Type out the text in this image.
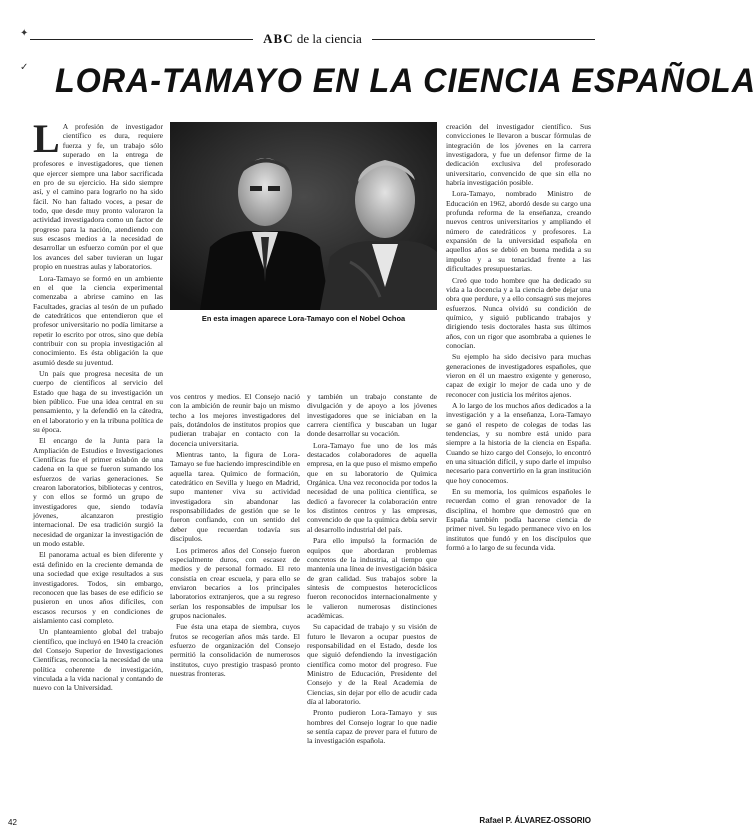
✦
✓
ABC de la ciencia
LORA-TAMAYO EN LA CIENCIA ESPAÑOLA

L A profesión de investigador científico es dura, requiere fuerza y fe, un trabajo sólo superado en la entrega de profesores e investigadores, que tienen que ejercer siempre una labor sacrificada en pro de su ejercicio. Ha sido siempre así, y el camino para lograrlo no ha sido fácil. No han faltado voces, a pesar de todo, que desde muy pronto valoraron la actividad investigadora como un factor de progreso para la nación, atendiendo con sus escasos medios a la necesidad de desarrollar un esfuerzo común por el que los avances del saber tuvieran un lugar propio en nuestras aulas y laboratorios.

Lora-Tamayo se formó en un ambiente en el que la ciencia experimental comenzaba a abrirse camino en las Facultades, gracias al tesón de un puñado de catedráticos que entendieron que el profesor universitario no podía limitarse a repetir lo escrito por otros, sino que debía contribuir con su propia investigación al conocimiento. Es ésta obligación la que asumió desde su juventud.

Un país que progresa necesita de un cuerpo de científicos al servicio del Estado que haga de su investigación un bien público. Fue una idea central en su pensamiento, y la defendió en la cátedra, en el laboratorio y en la tribuna política de su época.

El encargo de la Junta para la Ampliación de Estudios e Investigaciones Científicas fue el primer eslabón de una cadena en la que se fueron sumando los esfuerzos de varias generaciones. Se crearon laboratorios, bibliotecas y centros, y con ellos se formó un grupo de investigadores que, siendo todavía jóvenes, alcanzaron prestigio internacional. De esa tradición surgió la necesidad de organizar la investigación de un modo estable.

El panorama actual es bien diferente y está definido en la creciente demanda de una sociedad que exige resultados a sus investigadores. Todos, sin embargo, reconocen que las bases de ese edificio se pusieron en unos años difíciles, con escasos recursos y en condiciones de aislamiento casi completo.

Un planteamiento global del trabajo científico, que incluyó en 1940 la creación del Consejo Superior de Investigaciones Científicas, reconocía la necesidad de una política coherente de investigación, vinculada a la vida nacional y contando de nuevo con la Universidad.

En esta imagen aparece Lora-Tamayo con el Nobel Ochoa

vos centros y medios. El Consejo nació con la ambición de reunir bajo un mismo techo a los mejores investigadores del país, dotándolos de institutos propios que pudieran trabajar en contacto con la docencia universitaria.

Mientras tanto, la figura de Lora-Tamayo se fue haciendo imprescindible en aquella tarea. Químico de formación, catedrático en Sevilla y luego en Madrid, supo mantener viva su actividad investigadora sin abandonar las responsabilidades de gestión que se le fueron confiando, con un sentido del deber que recuerdan todavía sus discípulos.

Los primeros años del Consejo fueron especialmente duros, con escasez de medios y de personal formado. El reto consistía en crear escuela, y para ello se enviaron becarios a los principales laboratorios extranjeros, que a su regreso serían los responsables de impulsar los grupos nacionales.

Fue ésta una etapa de siembra, cuyos frutos se recogerían años más tarde. El esfuerzo de organización del Consejo permitió la consolidación de numerosos institutos, cuyo prestigio traspasó pronto nuestras fronteras.

y también un trabajo constante de divulgación y de apoyo a los jóvenes investigadores que se iniciaban en la carrera científica y buscaban un lugar donde desarrollar su vocación.

Lora-Tamayo fue uno de los más destacados colaboradores de aquella empresa, en la que puso el mismo empeño que en su laboratorio de Química Orgánica. Una vez reconocida por todos la necesidad de una política científica, se dedicó a favorecer la colaboración entre los distintos centros y las empresas, convencido de que la química debía servir al desarrollo industrial del país.

Para ello impulsó la formación de equipos que abordaran problemas concretos de la industria, al tiempo que mantenía una línea de investigación básica de gran calidad. Sus trabajos sobre la síntesis de compuestos heterocíclicos fueron reconocidos internacionalmente y le valieron numerosas distinciones académicas.

Su capacidad de trabajo y su visión de futuro le llevaron a ocupar puestos de responsabilidad en el Estado, desde los que siguió defendiendo la investigación científica como motor del progreso. Fue Ministro de Educación, Presidente del Consejo y de la Real Academia de Ciencias, sin dejar por ello de acudir cada día al laboratorio.

Pronto pudieron Lora-Tamayo y sus hombres del Consejo lograr lo que nadie se sentía capaz de prever para el futuro de la investigación española.

creación del investigador científico. Sus convicciones le llevaron a buscar fórmulas de integración de los jóvenes en la carrera investigadora, y fue un defensor firme de la dedicación exclusiva del profesorado universitario, convencido de que sin ella no habría investigación posible.

Lora-Tamayo, nombrado Ministro de Educación en 1962, abordó desde su cargo una profunda reforma de la enseñanza, creando nuevos centros universitarios y ampliando el número de catedráticos y profesores. La expansión de la universidad española en aquellos años se debió en buena medida a su impulso y a su tenacidad frente a las dificultades presupuestarias.

Creó que todo hombre que ha dedicado su vida a la docencia y a la ciencia debe dejar una obra que perdure, y a ello consagró sus mejores esfuerzos. Nunca olvidó su condición de químico, y siguió publicando trabajos y dirigiendo tesis doctorales hasta sus últimos años, con un rigor que asombraba a quienes le conocían.

Su ejemplo ha sido decisivo para muchas generaciones de investigadores españoles, que vieron en él un maestro exigente y generoso, capaz de exigir lo mejor de cada uno y de reconocer con justicia los méritos ajenos.

A lo largo de los muchos años dedicados a la investigación y a la enseñanza, Lora-Tamayo se ganó el respeto de colegas de todas las tendencias, y su nombre está unido para siempre a la historia de la ciencia en España. Cuando se hizo cargo del Consejo, lo encontró en una situación difícil, y supo darle el impulso necesario para convertirlo en la gran institución que hoy conocemos.

En su memoria, los químicos españoles le recuerdan como el gran renovador de la disciplina, el hombre que demostró que en España también podía hacerse ciencia de primer nivel. Su legado permanece vivo en los institutos que fundó y en los discípulos que formó a lo largo de su fecunda vida.

Rafael P. ÁLVAREZ-OSSORIO
42
